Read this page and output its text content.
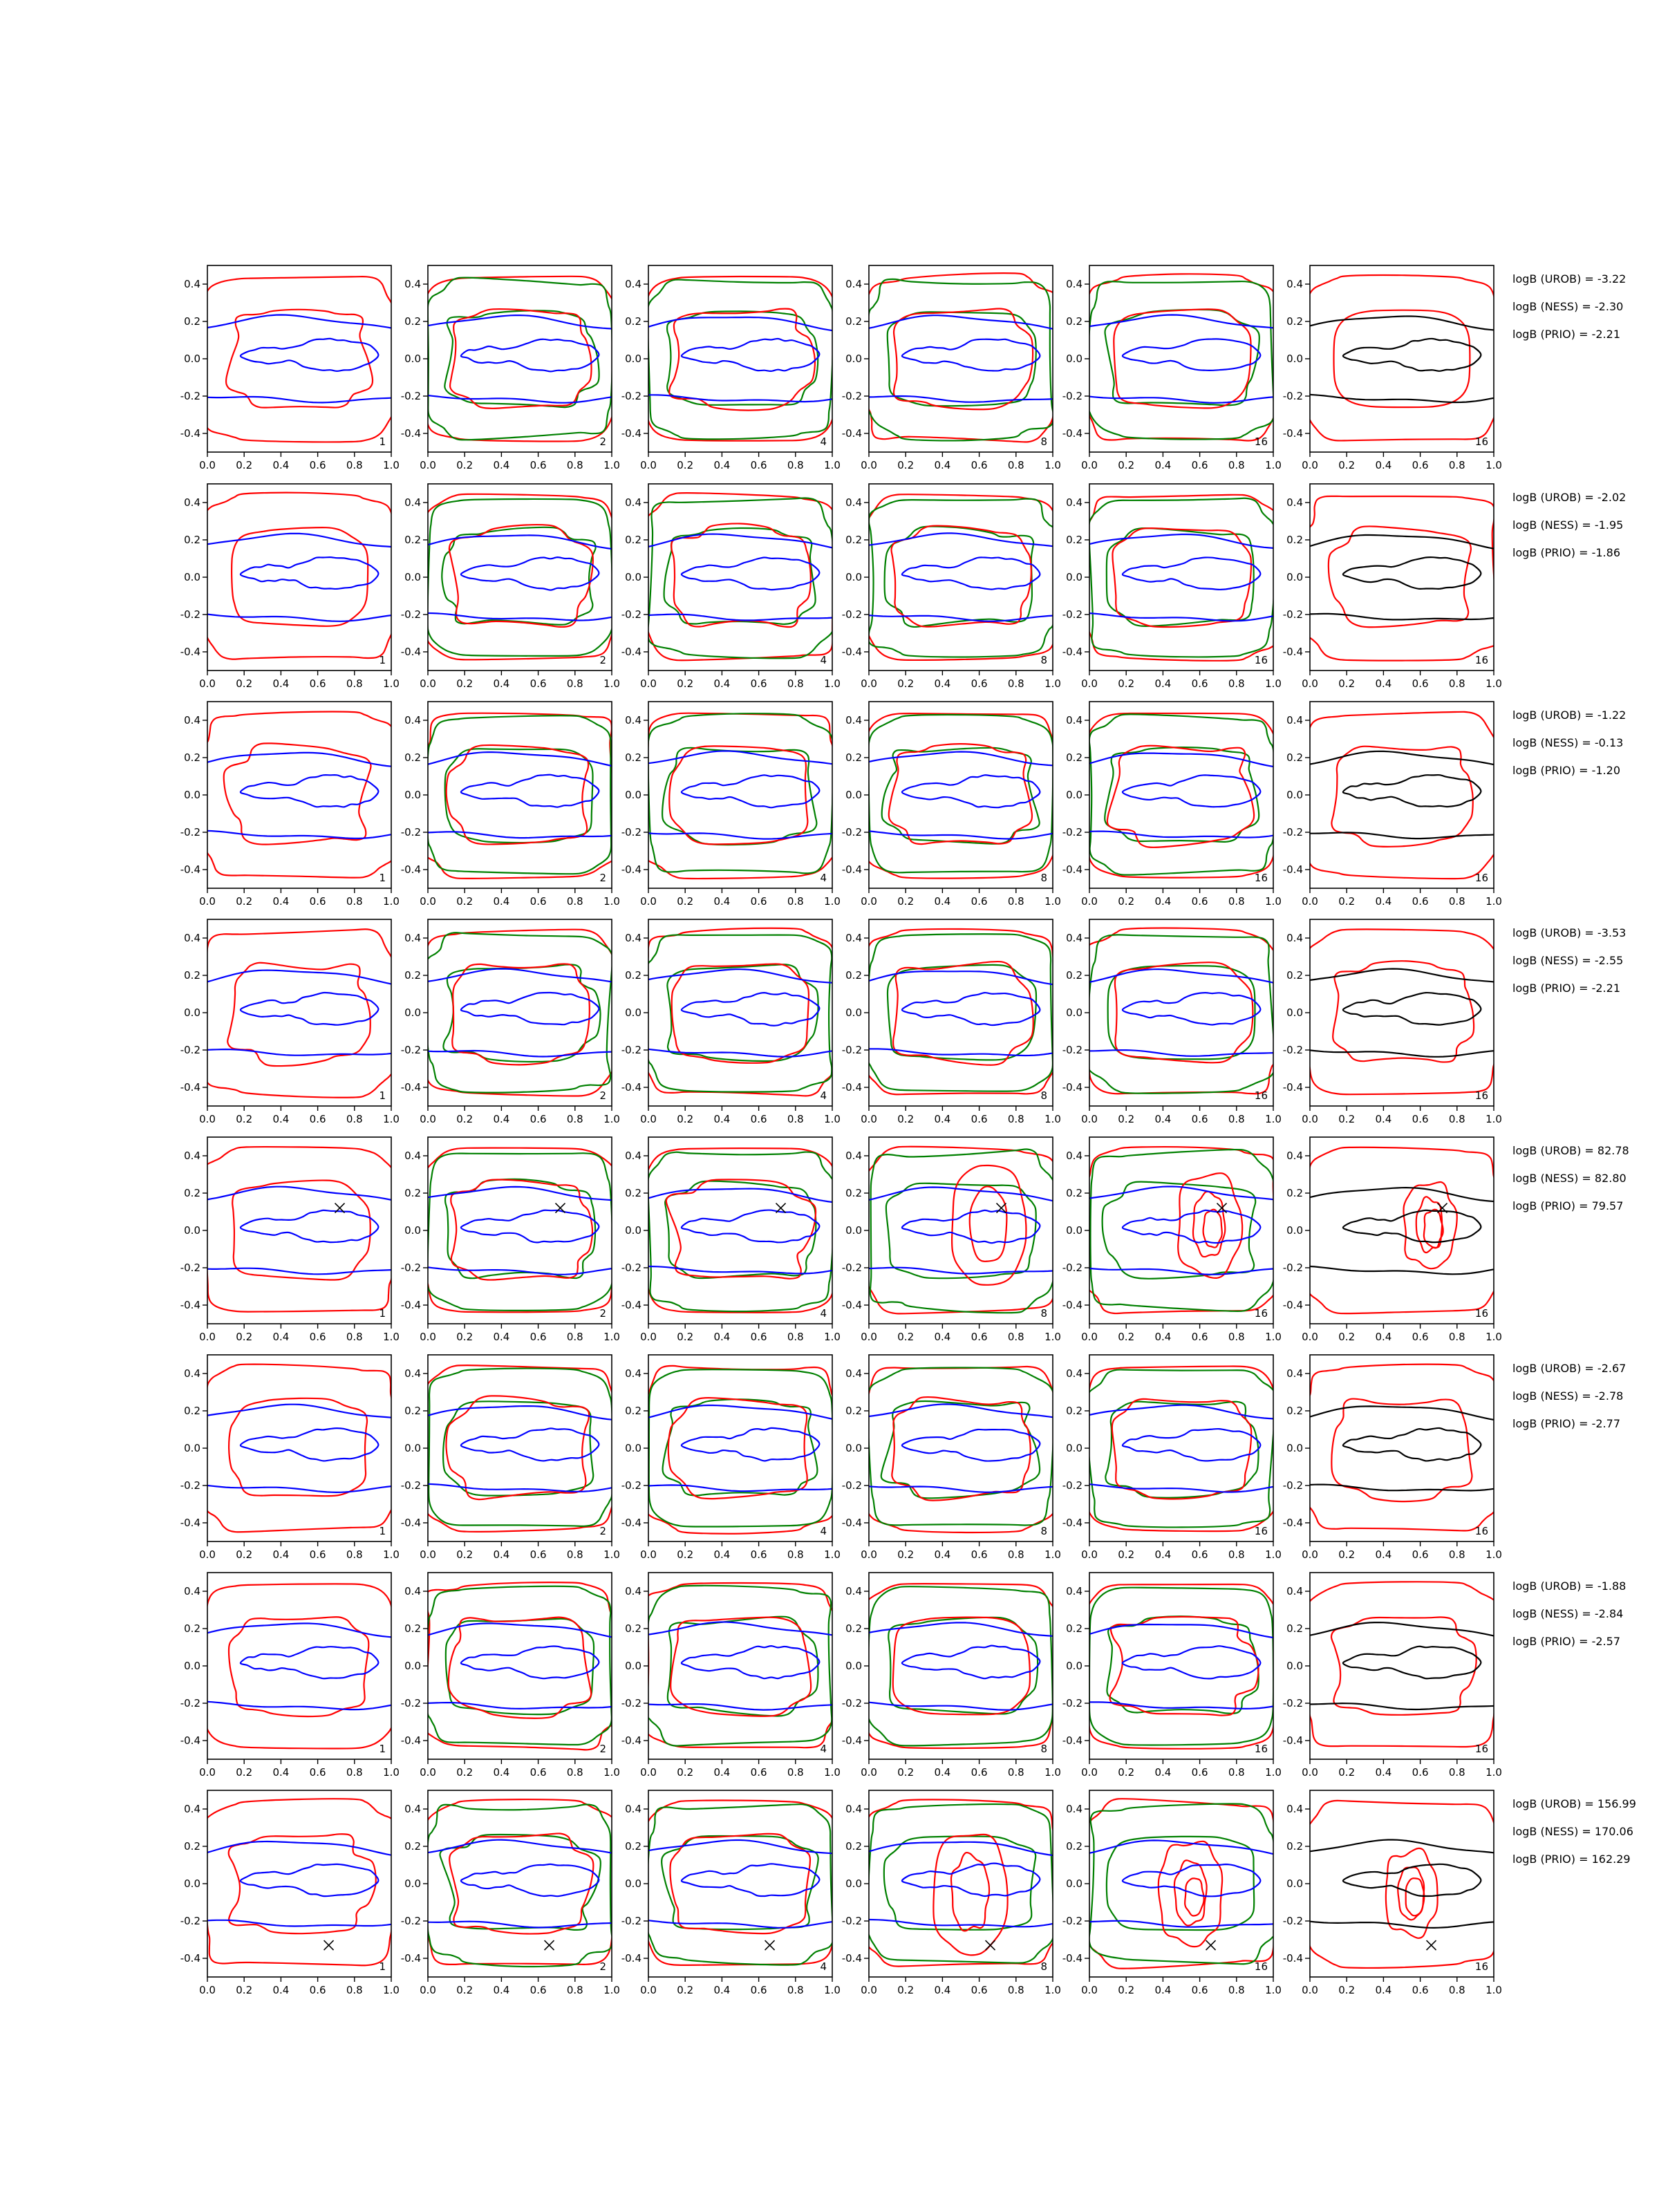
0.0 0.2 0.4 0.6 0.8 1.0
0.4
0.2
0.0
-0.2
-0.4
1
0.0 0.2 0.4 0.6 0.8 1.0
0.4
0.2
0.0
-0.2
-0.4
2
0.0 0.2 0.4 0.6 0.8 1.0
0.4
0.2
0.0
-0.2
-0.4
4
0.0 0.2 0.4 0.6 0.8 1.0
0.4
0.2
0.0
-0.2
-0.4
8
0.0 0.2 0.4 0.6 0.8 1.0
0.4
0.2
0.0
-0.2
-0.4
16
0.0 0.2 0.4 0.6 0.8 1.0
0.4
0.2
0.0
-0.2
-0.4
16
0.0 0.2 0.4 0.6 0.8 1.0
0.4
0.2
0.0
-0.2
-0.4
1
0.0 0.2 0.4 0.6 0.8 1.0
0.4
0.2
0.0
-0.2
-0.4
2
0.0 0.2 0.4 0.6 0.8 1.0
0.4
0.2
0.0
-0.2
-0.4
4
0.0 0.2 0.4 0.6 0.8 1.0
0.4
0.2
0.0
-0.2
-0.4
8
0.0 0.2 0.4 0.6 0.8 1.0
0.4
0.2
0.0
-0.2
-0.4
16
0.0 0.2 0.4 0.6 0.8 1.0
0.4
0.2
0.0
-0.2
-0.4
16
0.0 0.2 0.4 0.6 0.8 1.0
0.4
0.2
0.0
-0.2
-0.4
1
0.0 0.2 0.4 0.6 0.8 1.0
0.4
0.2
0.0
-0.2
-0.4
2
0.0 0.2 0.4 0.6 0.8 1.0
0.4
0.2
0.0
-0.2
-0.4
4
0.0 0.2 0.4 0.6 0.8 1.0
0.4
0.2
0.0
-0.2
-0.4
8
0.0 0.2 0.4 0.6 0.8 1.0
0.4
0.2
0.0
-0.2
-0.4
16
0.0 0.2 0.4 0.6 0.8 1.0
0.4
0.2
0.0
-0.2
-0.4
16
0.0 0.2 0.4 0.6 0.8 1.0
0.4
0.2
0.0
-0.2
-0.4
1
0.0 0.2 0.4 0.6 0.8 1.0
0.4
0.2
0.0
-0.2
-0.4
2
0.0 0.2 0.4 0.6 0.8 1.0
0.4
0.2
0.0
-0.2
-0.4
4
0.0 0.2 0.4 0.6 0.8 1.0
0.4
0.2
0.0
-0.2
-0.4
8
0.0 0.2 0.4 0.6 0.8 1.0
0.4
0.2
0.0
-0.2
-0.4
16
0.0 0.2 0.4 0.6 0.8 1.0
0.4
0.2
0.0
-0.2
-0.4
16
0.0 0.2 0.4 0.6 0.8 1.0
0.4
0.2
0.0
-0.2
-0.4
1
0.0 0.2 0.4 0.6 0.8 1.0
0.4
0.2
0.0
-0.2
-0.4
2
0.0 0.2 0.4 0.6 0.8 1.0
0.4
0.2
0.0
-0.2
-0.4
4
0.0 0.2 0.4 0.6 0.8 1.0
0.4
0.2
0.0
-0.2
-0.4
8
0.0 0.2 0.4 0.6 0.8 1.0
0.4
0.2
0.0
-0.2
-0.4
16
0.0 0.2 0.4 0.6 0.8 1.0
0.4
0.2
0.0
-0.2
-0.4
16
0.0 0.2 0.4 0.6 0.8 1.0
0.4
0.2
0.0
-0.2
-0.4
1
0.0 0.2 0.4 0.6 0.8 1.0
0.4
0.2
0.0
-0.2
-0.4
2
0.0 0.2 0.4 0.6 0.8 1.0
0.4
0.2
0.0
-0.2
-0.4
4
0.0 0.2 0.4 0.6 0.8 1.0
0.4
0.2
0.0
-0.2
-0.4
8
0.0 0.2 0.4 0.6 0.8 1.0
0.4
0.2
0.0
-0.2
-0.4
16
0.0 0.2 0.4 0.6 0.8 1.0
0.4
0.2
0.0
-0.2
-0.4
16
0.0 0.2 0.4 0.6 0.8 1.0
0.4
0.2
0.0
-0.2
-0.4
1
0.0 0.2 0.4 0.6 0.8 1.0
0.4
0.2
0.0
-0.2
-0.4
2
0.0 0.2 0.4 0.6 0.8 1.0
0.4
0.2
0.0
-0.2
-0.4
4
0.0 0.2 0.4 0.6 0.8 1.0
0.4
0.2
0.0
-0.2
-0.4
8
0.0 0.2 0.4 0.6 0.8 1.0
0.4
0.2
0.0
-0.2
-0.4
16
0.0 0.2 0.4 0.6 0.8 1.0
0.4
0.2
0.0
-0.2
-0.4
16
0.0 0.2 0.4 0.6 0.8 1.0
0.4
0.2
0.0
-0.2
-0.4
1
0.0 0.2 0.4 0.6 0.8 1.0
0.4
0.2
0.0
-0.2
-0.4
2
0.0 0.2 0.4 0.6 0.8 1.0
0.4
0.2
0.0
-0.2
-0.4
4
0.0 0.2 0.4 0.6 0.8 1.0
0.4
0.2
0.0
-0.2
-0.4
8
0.0 0.2 0.4 0.6 0.8 1.0
0.4
0.2
0.0
-0.2
-0.4
16
0.0 0.2 0.4 0.6 0.8 1.0
0.4
0.2
0.0
-0.2
-0.4
16
logB (UROB) = -3.22
logB (NESS) = -2.30
logB (PRIO) = -2.21
logB (UROB) = -2.02
logB (NESS) = -1.95
logB (PRIO) = -1.86
logB (UROB) = -1.22
logB (NESS) = -0.13
logB (PRIO) = -1.20
logB (UROB) = -3.53
logB (NESS) = -2.55
logB (PRIO) = -2.21
logB (UROB) = 82.78
logB (NESS) = 82.80
logB (PRIO) = 79.57
logB (UROB) = -2.67
logB (NESS) = -2.78
logB (PRIO) = -2.77
logB (UROB) = -1.88
logB (NESS) = -2.84
logB (PRIO) = -2.57
logB (UROB) = 156.99
logB (NESS) = 170.06
logB (PRIO) = 162.29
